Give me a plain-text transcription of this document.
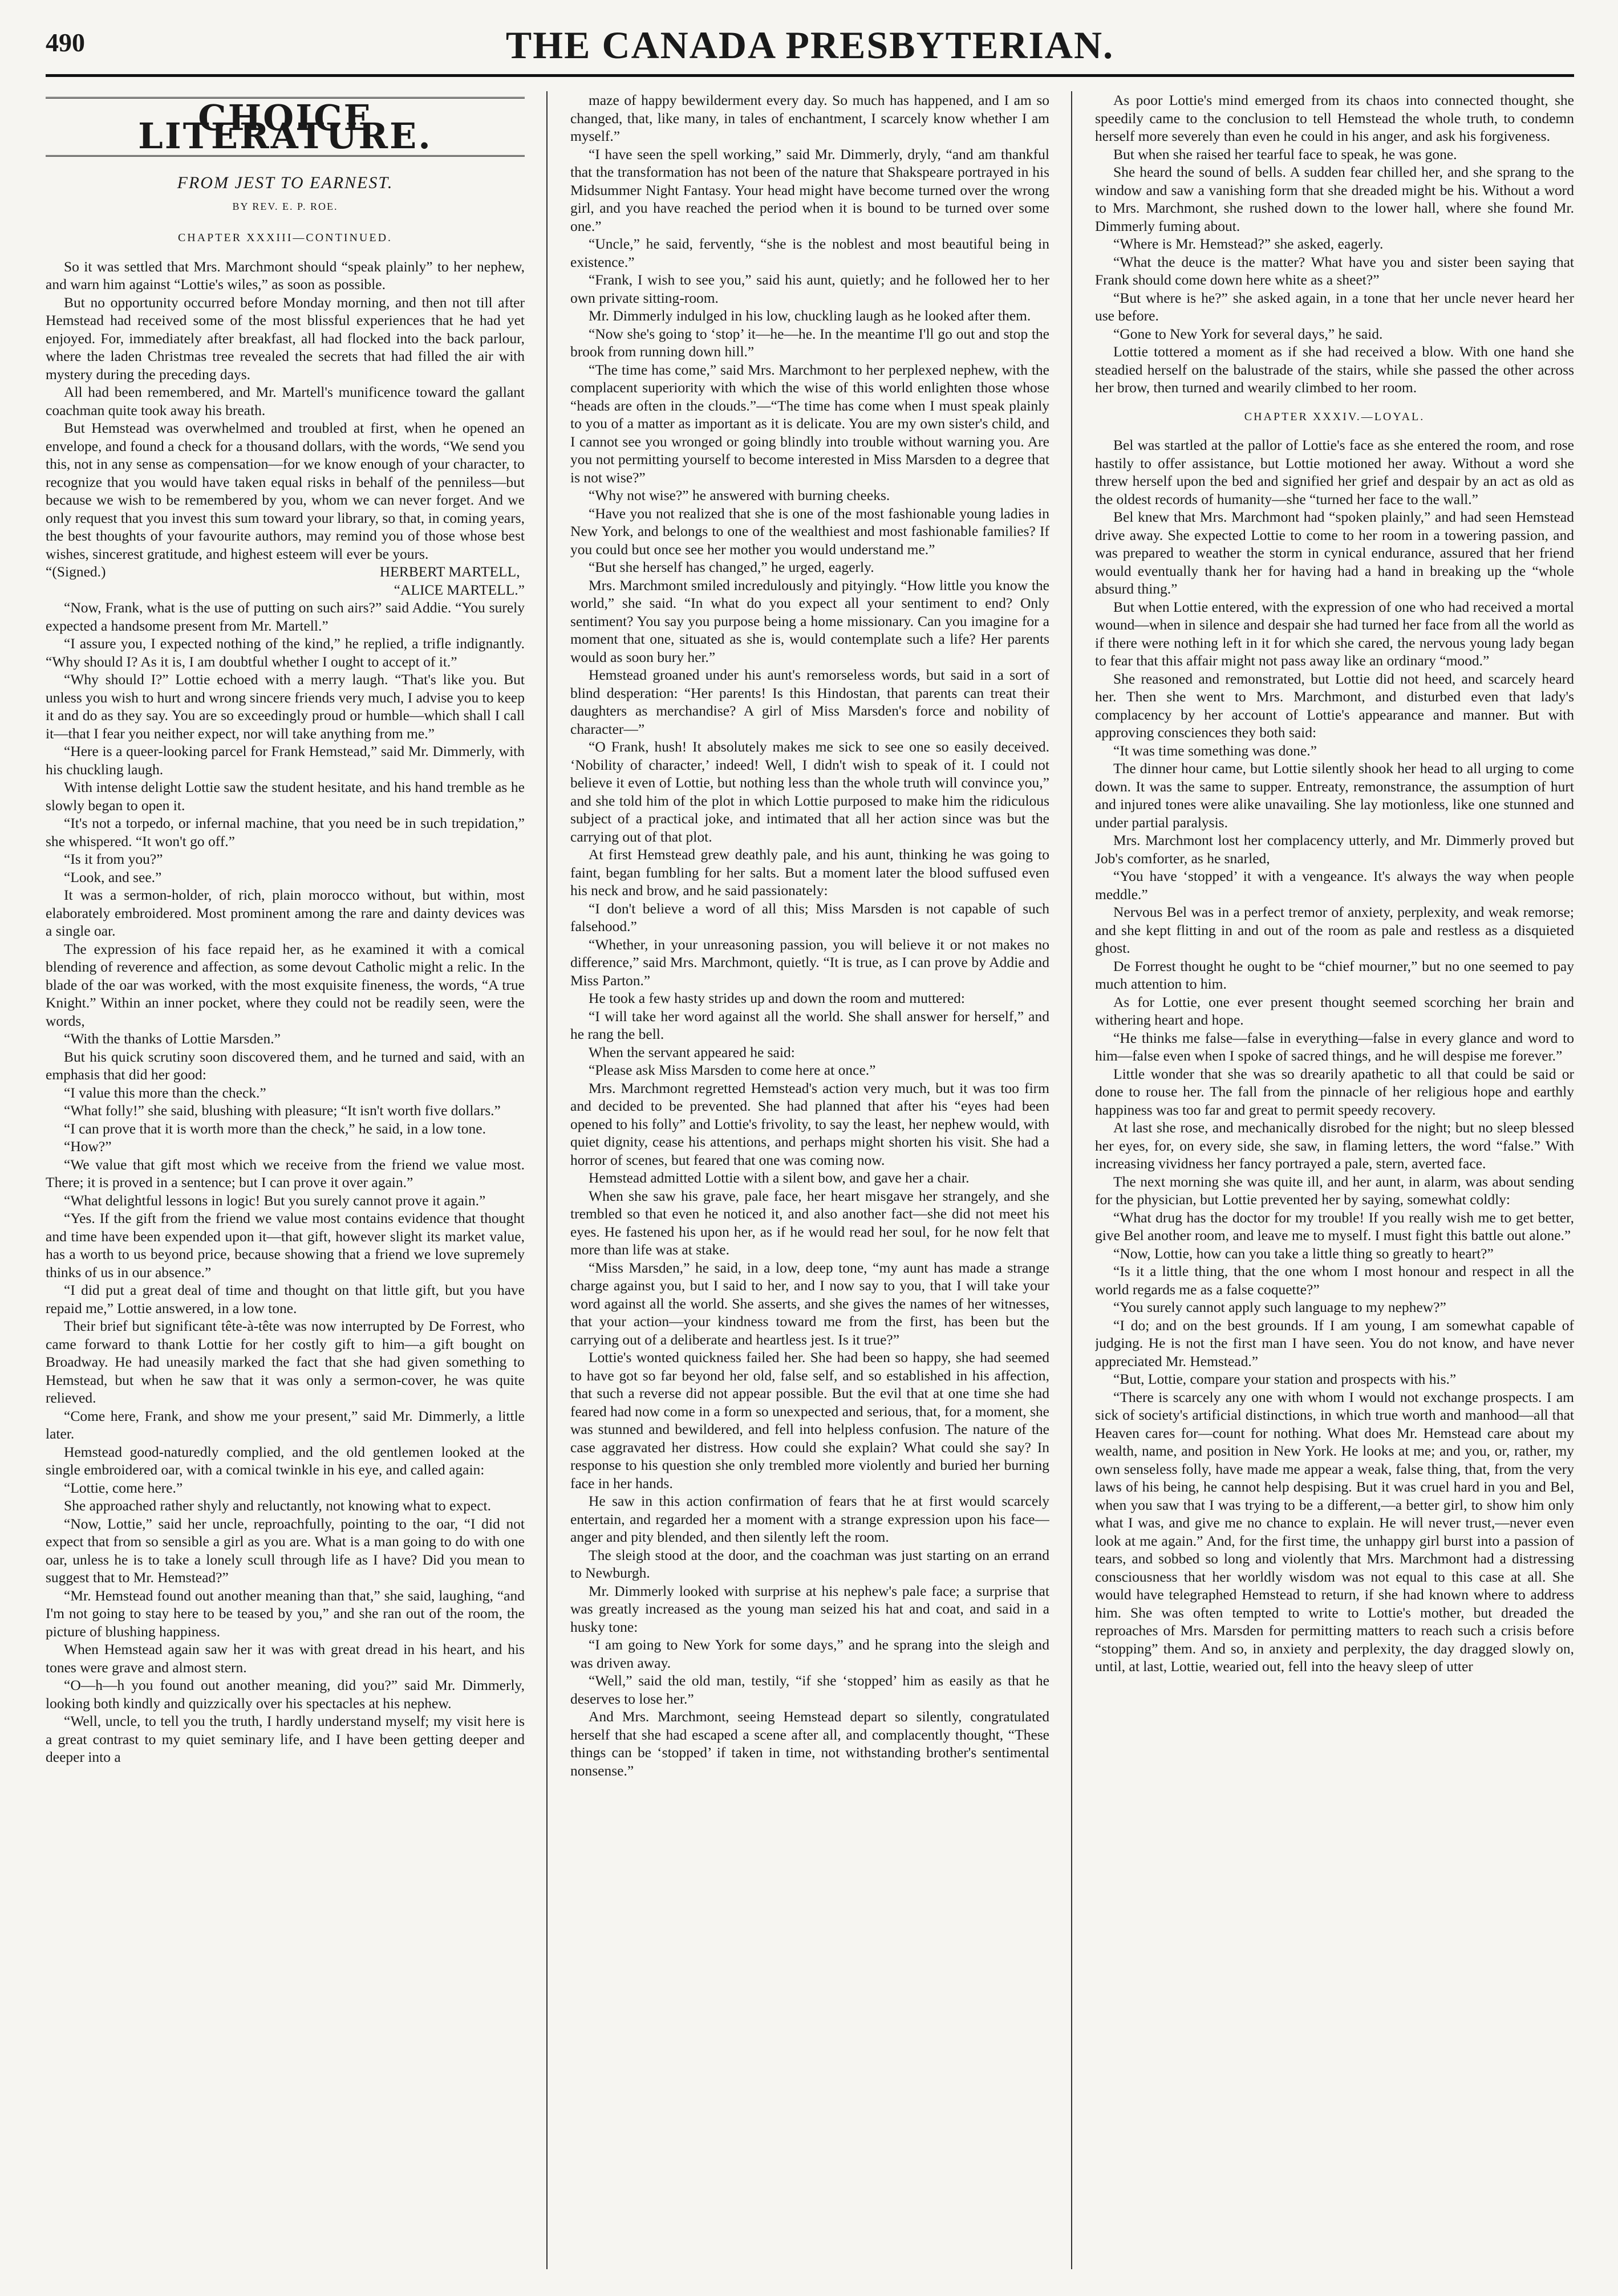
490	THE CANADA PRESBYTERIAN.
CHOICE LITERATURE.
FROM JEST TO EARNEST.
BY REV. E. P. ROE.
CHAPTER XXXIII—CONTINUED.

So it was settled that Mrs. Marchmont should “speak plainly” to her nephew, and warn him against “Lottie's wiles,” as soon as possible.

But no opportunity occurred before Monday morning, and then not till after Hemstead had received some of the most blissful experiences that he had yet enjoyed. For, immediately after breakfast, all had flocked into the back parlour, where the laden Christmas tree revealed the secrets that had filled the air with mystery during the preceding days.

All had been remembered, and Mr. Martell's munificence toward the gallant coachman quite took away his breath.

But Hemstead was overwhelmed and troubled at first, when he opened an envelope, and found a check for a thousand dollars, with the words, “We send you this, not in any sense as compensation—for we know enough of your character, to recognize that you would have taken equal risks in behalf of the penniless—but because we wish to be remembered by you, whom we can never forget. And we only request that you invest this sum toward your library, so that, in coming years, the best thoughts of your favourite authors, may remind you of those whose best wishes, sincerest gratitude, and highest esteem will ever be yours.

“(Signed.)	HERBERT MARTELL,

“ALICE MARTELL.”

“Now, Frank, what is the use of putting on such airs?” said Addie. “You surely expected a handsome present from Mr. Martell.”

“I assure you, I expected nothing of the kind,” he replied, a trifle indignantly. “Why should I? As it is, I am doubtful whether I ought to accept of it.”

“Why should I?” Lottie echoed with a merry laugh. “That's like you. But unless you wish to hurt and wrong sincere friends very much, I advise you to keep it and do as they say. You are so exceedingly proud or humble—which shall I call it—that I fear you neither expect, nor will take anything from me.”

“Here is a queer-looking parcel for Frank Hemstead,” said Mr. Dimmerly, with his chuckling laugh.

With intense delight Lottie saw the student hesitate, and his hand tremble as he slowly began to open it.

“It's not a torpedo, or infernal machine, that you need be in such trepidation,” she whispered. “It won't go off.”

“Is it from you?”

“Look, and see.”

It was a sermon-holder, of rich, plain morocco without, but within, most elaborately embroidered. Most prominent among the rare and dainty devices was a single oar.

The expression of his face repaid her, as he examined it with a comical blending of reverence and affection, as some devout Catholic might a relic. In the blade of the oar was worked, with the most exquisite fineness, the words, “A true Knight.” Within an inner pocket, where they could not be readily seen, were the words,

“With the thanks of Lottie Marsden.”

But his quick scrutiny soon discovered them, and he turned and said, with an emphasis that did her good:

“I value this more than the check.”

“What folly!” she said, blushing with pleasure; “It isn't worth five dollars.”

“I can prove that it is worth more than the check,” he said, in a low tone.

“How?”

“We value that gift most which we receive from the friend we value most. There; it is proved in a sentence; but I can prove it over again.”

“What delightful lessons in logic! But you surely cannot prove it again.”

“Yes. If the gift from the friend we value most contains evidence that thought and time have been expended upon it—that gift, however slight its market value, has a worth to us beyond price, because showing that a friend we love supremely thinks of us in our absence.”

“I did put a great deal of time and thought on that little gift, but you have repaid me,” Lottie answered, in a low tone.

Their brief but significant tête-à-tête was now interrupted by De Forrest, who came forward to thank Lottie for her costly gift to him—a gift bought on Broadway. He had uneasily marked the fact that she had given something to Hemstead, but when he saw that it was only a sermon-cover, he was quite relieved.

“Come here, Frank, and show me your present,” said Mr. Dimmerly, a little later.

Hemstead good-naturedly complied, and the old gentlemen looked at the single embroidered oar, with a comical twinkle in his eye, and called again:

“Lottie, come here.”

She approached rather shyly and reluctantly, not knowing what to expect.

“Now, Lottie,” said her uncle, reproachfully, pointing to the oar, “I did not expect that from so sensible a girl as you are. What is a man going to do with one oar, unless he is to take a lonely scull through life as I have? Did you mean to suggest that to Mr. Hemstead?”

“Mr. Hemstead found out another meaning than that,” she said, laughing, “and I'm not going to stay here to be teased by you,” and she ran out of the room, the picture of blushing happiness.

When Hemstead again saw her it was with great dread in his heart, and his tones were grave and almost stern.

“O—h—h you found out another meaning, did you?” said Mr. Dimmerly, looking both kindly and quizzically over his spectacles at his nephew.

“Well, uncle, to tell you the truth, I hardly understand myself; my visit here is a great contrast to my quiet seminary life, and I have been getting deeper and deeper into a

maze of happy bewilderment every day. So much has happened, and I am so changed, that, like many, in tales of enchantment, I scarcely know whether I am myself.”

“I have seen the spell working,” said Mr. Dimmerly, dryly, “and am thankful that the transformation has not been of the nature that Shakspeare portrayed in his Midsummer Night Fantasy. Your head might have become turned over the wrong girl, and you have reached the period when it is bound to be turned over some one.”

“Uncle,” he said, fervently, “she is the noblest and most beautiful being in existence.”

“Frank, I wish to see you,” said his aunt, quietly; and he followed her to her own private sitting-room.

Mr. Dimmerly indulged in his low, chuckling laugh as he looked after them.

“Now she's going to ‘stop’ it—he—he. In the meantime I'll go out and stop the brook from running down hill.”

“The time has come,” said Mrs. Marchmont to her perplexed nephew, with the complacent superiority with which the wise of this world enlighten those whose “heads are often in the clouds.”—“The time has come when I must speak plainly to you of a matter as important as it is delicate. You are my own sister's child, and I cannot see you wronged or going blindly into trouble without warning you. Are you not permitting yourself to become interested in Miss Marsden to a degree that is not wise?”

“Why not wise?” he answered with burning cheeks.

“Have you not realized that she is one of the most fashionable young ladies in New York, and belongs to one of the wealthiest and most fashionable families? If you could but once see her mother you would understand me.”

“But she herself has changed,” he urged, eagerly.

Mrs. Marchmont smiled incredulously and pityingly. “How little you know the world,” she said. “In what do you expect all your sentiment to end? Only sentiment? You say you purpose being a home missionary. Can you imagine for a moment that one, situated as she is, would contemplate such a life? Her parents would as soon bury her.”

Hemstead groaned under his aunt's remorseless words, but said in a sort of blind desperation: “Her parents! Is this Hindostan, that parents can treat their daughters as merchandise? A girl of Miss Marsden's force and nobility of character—”

“O Frank, hush! It absolutely makes me sick to see one so easily deceived. ‘Nobility of character,’ indeed! Well, I didn't wish to speak of it. I could not believe it even of Lottie, but nothing less than the whole truth will convince you,” and she told him of the plot in which Lottie purposed to make him the ridiculous subject of a practical joke, and intimated that all her action since was but the carrying out of that plot.

At first Hemstead grew deathly pale, and his aunt, thinking he was going to faint, began fumbling for her salts. But a moment later the blood suffused even his neck and brow, and he said passionately:

“I don't believe a word of all this; Miss Marsden is not capable of such falsehood.”

“Whether, in your unreasoning passion, you will believe it or not makes no difference,” said Mrs. Marchmont, quietly. “It is true, as I can prove by Addie and Miss Parton.”

He took a few hasty strides up and down the room and muttered:

“I will take her word against all the world. She shall answer for herself,” and he rang the bell.

When the servant appeared he said:

“Please ask Miss Marsden to come here at once.”

Mrs. Marchmont regretted Hemstead's action very much, but it was too firm and decided to be prevented. She had planned that after his “eyes had been opened to his folly” and Lottie's frivolity, to say the least, her nephew would, with quiet dignity, cease his attentions, and perhaps might shorten his visit. She had a horror of scenes, but feared that one was coming now.

Hemstead admitted Lottie with a silent bow, and gave her a chair.

When she saw his grave, pale face, her heart misgave her strangely, and she trembled so that even he noticed it, and also another fact—she did not meet his eyes. He fastened his upon her, as if he would read her soul, for he now felt that more than life was at stake.

“Miss Marsden,” he said, in a low, deep tone, “my aunt has made a strange charge against you, but I said to her, and I now say to you, that I will take your word against all the world. She asserts, and she gives the names of her witnesses, that your action—your kindness toward me from the first, has been but the carrying out of a deliberate and heartless jest. Is it true?”

Lottie's wonted quickness failed her. She had been so happy, she had seemed to have got so far beyond her old, false self, and so established in his affection, that such a reverse did not appear possible. But the evil that at one time she had feared had now come in a form so unexpected and serious, that, for a moment, she was stunned and bewildered, and fell into helpless confusion. The nature of the case aggravated her distress. How could she explain? What could she say? In response to his question she only trembled more violently and buried her burning face in her hands.

He saw in this action confirmation of fears that he at first would scarcely entertain, and regarded her a moment with a strange expression upon his face—anger and pity blended, and then silently left the room.

The sleigh stood at the door, and the coachman was just starting on an errand to Newburgh.

Mr. Dimmerly looked with surprise at his nephew's pale face; a surprise that was greatly increased as the young man seized his hat and coat, and said in a husky tone:

“I am going to New York for some days,” and he sprang into the sleigh and was driven away.

“Well,” said the old man, testily, “if she ‘stopped’ him as easily as that he deserves to lose her.”

And Mrs. Marchmont, seeing Hemstead depart so silently, congratulated herself that she had escaped a scene after all, and complacently thought, “These things can be ‘stopped’ if taken in time, not withstanding brother's sentimental nonsense.”

As poor Lottie's mind emerged from its chaos into connected thought, she speedily came to the conclusion to tell Hemstead the whole truth, to condemn herself more severely than even he could in his anger, and ask his forgiveness.

But when she raised her tearful face to speak, he was gone.

She heard the sound of bells. A sudden fear chilled her, and she sprang to the window and saw a vanishing form that she dreaded might be his. Without a word to Mrs. Marchmont, she rushed down to the lower hall, where she found Mr. Dimmerly fuming about.

“Where is Mr. Hemstead?” she asked, eagerly.

“What the deuce is the matter? What have you and sister been saying that Frank should come down here white as a sheet?”

“But where is he?” she asked again, in a tone that her uncle never heard her use before.

“Gone to New York for several days,” he said.

Lottie tottered a moment as if she had received a blow. With one hand she steadied herself on the balustrade of the stairs, while she passed the other across her brow, then turned and wearily climbed to her room.

CHAPTER XXXIV.—LOYAL.

Bel was startled at the pallor of Lottie's face as she entered the room, and rose hastily to offer assistance, but Lottie motioned her away. Without a word she threw herself upon the bed and signified her grief and despair by an act as old as the oldest records of humanity—she “turned her face to the wall.”

Bel knew that Mrs. Marchmont had “spoken plainly,” and had seen Hemstead drive away. She expected Lottie to come to her room in a towering passion, and was prepared to weather the storm in cynical endurance, assured that her friend would eventually thank her for having had a hand in breaking up the “whole absurd thing.”

But when Lottie entered, with the expression of one who had received a mortal wound—when in silence and despair she had turned her face from all the world as if there were nothing left in it for which she cared, the nervous young lady began to fear that this affair might not pass away like an ordinary “mood.”

She reasoned and remonstrated, but Lottie did not heed, and scarcely heard her. Then she went to Mrs. Marchmont, and disturbed even that lady's complacency by her account of Lottie's appearance and manner. But with approving consciences they both said:

“It was time something was done.”

The dinner hour came, but Lottie silently shook her head to all urging to come down. It was the same to supper. Entreaty, remonstrance, the assumption of hurt and injured tones were alike unavailing. She lay motionless, like one stunned and under partial paralysis.

Mrs. Marchmont lost her complacency utterly, and Mr. Dimmerly proved but Job's comforter, as he snarled,

“You have ‘stopped’ it with a vengeance. It's always the way when people meddle.”

Nervous Bel was in a perfect tremor of anxiety, perplexity, and weak remorse; and she kept flitting in and out of the room as pale and restless as a disquieted ghost.

De Forrest thought he ought to be “chief mourner,” but no one seemed to pay much attention to him.

As for Lottie, one ever present thought seemed scorching her brain and withering heart and hope.

“He thinks me false—false in everything—false in every glance and word to him—false even when I spoke of sacred things, and he will despise me forever.”

Little wonder that she was so drearily apathetic to all that could be said or done to rouse her. The fall from the pinnacle of her religious hope and earthly happiness was too far and great to permit speedy recovery.

At last she rose, and mechanically disrobed for the night; but no sleep blessed her eyes, for, on every side, she saw, in flaming letters, the word “false.” With increasing vividness her fancy portrayed a pale, stern, averted face.

The next morning she was quite ill, and her aunt, in alarm, was about sending for the physician, but Lottie prevented her by saying, somewhat coldly:

“What drug has the doctor for my trouble! If you really wish me to get better, give Bel another room, and leave me to myself. I must fight this battle out alone.”

“Now, Lottie, how can you take a little thing so greatly to heart?”

“Is it a little thing, that the one whom I most honour and respect in all the world regards me as a false coquette?”

“You surely cannot apply such language to my nephew?”

“I do; and on the best grounds. If I am young, I am somewhat capable of judging. He is not the first man I have seen. You do not know, and have never appreciated Mr. Hemstead.”

“But, Lottie, compare your station and prospects with his.”

“There is scarcely any one with whom I would not exchange prospects. I am sick of society's artificial distinctions, in which true worth and manhood—all that Heaven cares for—count for nothing. What does Mr. Hemstead care about my wealth, name, and position in New York. He looks at me; and you, or, rather, my own senseless folly, have made me appear a weak, false thing, that, from the very laws of his being, he cannot help despising. But it was cruel hard in you and Bel, when you saw that I was trying to be a different,—a better girl, to show him only what I was, and give me no chance to explain. He will never trust,—never even look at me again.” And, for the first time, the unhappy girl burst into a passion of tears, and sobbed so long and violently that Mrs. Marchmont had a distressing consciousness that her worldly wisdom was not equal to this case at all. She would have telegraphed Hemstead to return, if she had known where to address him. She was often tempted to write to Lottie's mother, but dreaded the reproaches of Mrs. Marsden for permitting matters to reach such a crisis before “stopping” them. And so, in anxiety and perplexity, the day dragged slowly on, until, at last, Lottie, wearied out, fell into the heavy sleep of utter
